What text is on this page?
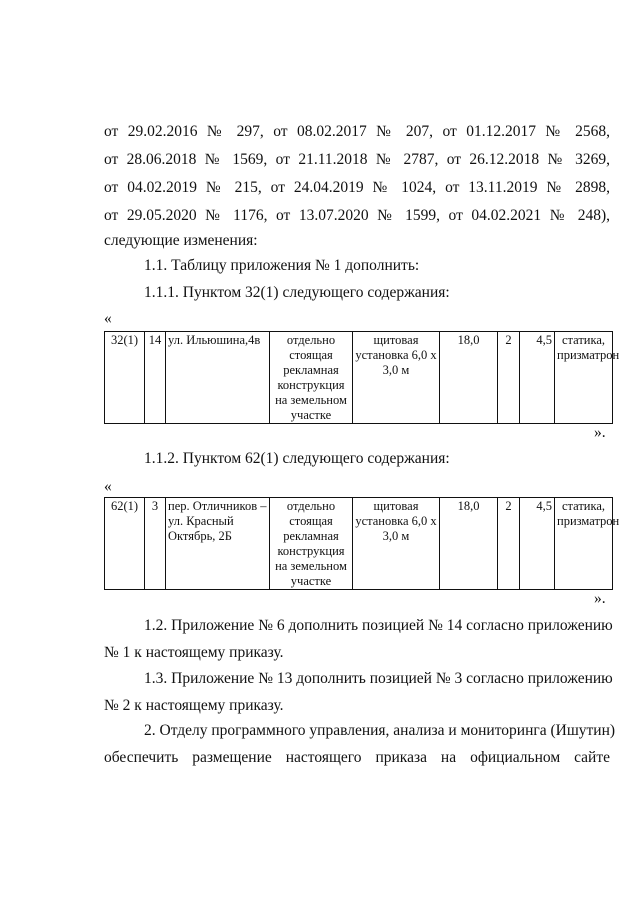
от 29.02.2016 № 297, от 08.02.2017 № 207, от 01.12.2017 № 2568,
от 28.06.2018 № 1569, от 21.11.2018 № 2787, от 26.12.2018 № 3269,
от 04.02.2019 № 215, от 24.04.2019 № 1024, от 13.11.2019 № 2898,
от 29.05.2020 № 1176, от 13.07.2020 № 1599, от 04.02.2021 № 248),
следующие изменения:
1.1. Таблицу приложения № 1 дополнить:
1.1.1. Пунктом 32(1) следующего содержания:
«
32(1)	14	ул. Ильюшина,4в	отдельно стоящая рекламная конструкция на земельном участке	щитовая установка 6,0 х 3,0 м	18,0	2	4,5	статика, призматрон
».
1.1.2. Пунктом 62(1) следующего содержания:
«
62(1)	3	пер. Отличников – ул. Красный Октябрь, 2Б	отдельно стоящая рекламная конструкция на земельном участке	щитовая установка 6,0 х 3,0 м	18,0	2	4,5	статика, призматрон
».
1.2. Приложение № 6 дополнить позицией № 14 согласно приложению
№ 1 к настоящему приказу.
1.3. Приложение № 13 дополнить позицией № 3 согласно приложению
№ 2 к настоящему приказу.
2. Отделу программного управления, анализа и мониторинга (Ишутин)
обеспечить размещение настоящего приказа на официальном сайте
